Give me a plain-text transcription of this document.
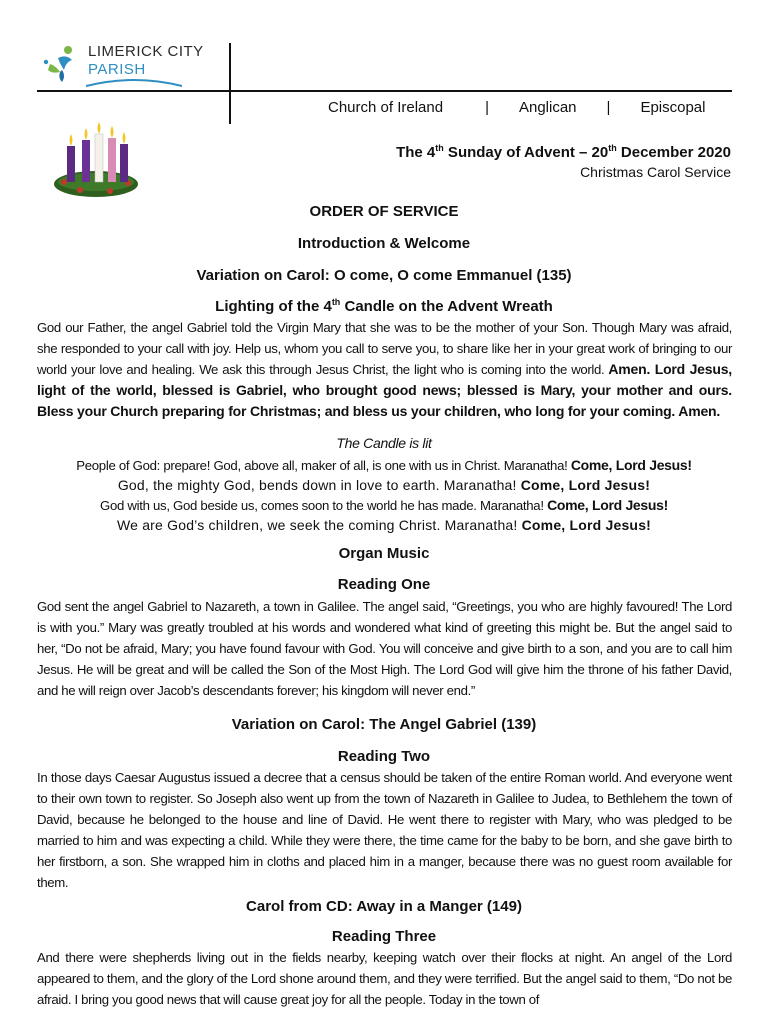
LIMERICK CITY
PARISH
Church of Ireland	| Anglican | Episcopal
The 4th Sunday of Advent – 20th December 2020
Christmas Carol Service
ORDER OF SERVICE
Introduction & Welcome
Variation on Carol: O come, O come Emmanuel (135)
Lighting of the 4th Candle on the Advent Wreath
God our Father, the angel Gabriel told the Virgin Mary that she was to be the mother of your Son. Though Mary was afraid, she responded to your call with joy. Help us, whom you call to serve you, to share like her in your great work of bringing to our world your love and healing. We ask this through Jesus Christ, the light who is coming into the world. Amen. Lord Jesus, light of the world, blessed is Gabriel, who brought good news; blessed is Mary, your mother and ours. Bless your Church preparing for Christmas; and bless us your children, who long for your coming. Amen.
The Candle is lit
People of God: prepare! God, above all, maker of all, is one with us in Christ. Maranatha! Come, Lord Jesus!
God, the mighty God, bends down in love to earth. Maranatha! Come, Lord Jesus!
God with us, God beside us, comes soon to the world he has made. Maranatha! Come, Lord Jesus!
We are God’s children, we seek the coming Christ. Maranatha! Come, Lord Jesus!
Organ Music
Reading One
God sent the angel Gabriel to Nazareth, a town in Galilee. The angel said, “Greetings, you who are highly favoured! The Lord is with you.” Mary was greatly troubled at his words and wondered what kind of greeting this might be. But the angel said to her, “Do not be afraid, Mary; you have found favour with God. You will conceive and give birth to a son, and you are to call him Jesus. He will be great and will be called the Son of the Most High. The Lord God will give him the throne of his father David, and he will reign over Jacob’s descendants forever; his kingdom will never end.”
Variation on Carol: The Angel Gabriel (139)
Reading Two
In those days Caesar Augustus issued a decree that a census should be taken of the entire Roman world. And everyone went to their own town to register. So Joseph also went up from the town of Nazareth in Galilee to Judea, to Bethlehem the town of David, because he belonged to the house and line of David. He went there to register with Mary, who was pledged to be married to him and was expecting a child. While they were there, the time came for the baby to be born, and she gave birth to her firstborn, a son. She wrapped him in cloths and placed him in a manger, because there was no guest room available for them.
Carol from CD: Away in a Manger (149)
Reading Three
And there were shepherds living out in the fields nearby, keeping watch over their flocks at night. An angel of the Lord appeared to them, and the glory of the Lord shone around them, and they were terrified. But the angel said to them, “Do not be afraid. I bring you good news that will cause great joy for all the people. Today in the town of
